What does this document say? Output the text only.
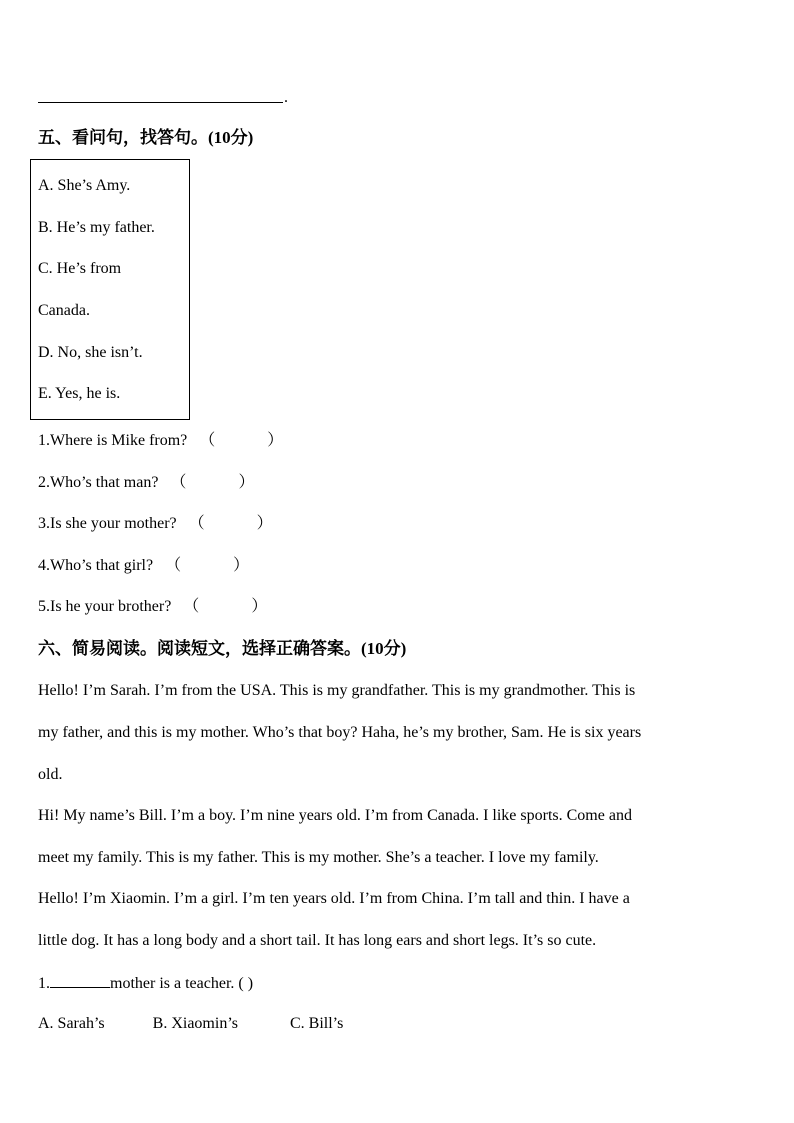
.
五、看问句，找答句。(10分)
A. She’s Amy.
B. He’s my father.
C. He’s from
Canada.
D. No, she isn’t.
E. Yes, he is.
1.Where is Mike from? （	）
2.Who’s that man? （	）
3.Is she your mother? （	）
4.Who’s that girl? （	）
5.Is he your brother? （	）
六、简易阅读。阅读短文，选择正确答案。(10分)
Hello! I’m Sarah. I’m from the USA. This is my grandfather. This is my grandmother. This is
my father, and this is my mother. Who’s that boy? Haha, he’s my brother, Sam. He is six years
old.
Hi! My name’s Bill. I’m a boy. I’m nine years old. I’m from Canada. I like sports. Come and
meet my family. This is my father. This is my mother. She’s a teacher. I love my family.
Hello! I’m Xiaomin. I’m a girl. I’m ten years old. I’m from China. I’m tall and thin. I have a
little dog. It has a long body and a short tail. It has long ears and short legs. It’s so cute.
1.	mother is a teacher. ( )
A. Sarah’s	B. Xiaomin’s	C. Bill’s
